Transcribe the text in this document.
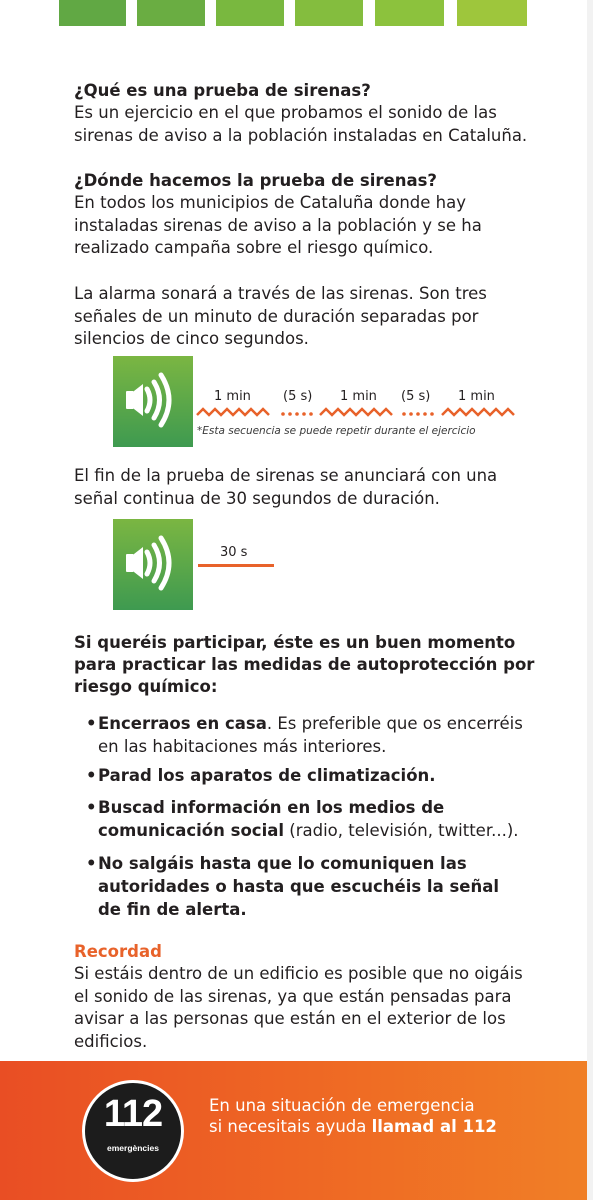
¿Qué es una prueba de sirenas?

Es un ejercicio en el que probamos el sonido de las

sirenas de aviso a la población instaladas en Cataluña.

¿Dónde hacemos la prueba de sirenas?

En todos los municipios de Cataluña donde hay

instaladas sirenas de aviso a la población y se ha

realizado campaña sobre el riesgo químico.

La alarma sonará a través de las sirenas. Son tres

señales de un minuto de duración separadas por

silencios de cinco segundos.

1 min (5 s) 1 min (5 s) 1 min
*Esta secuencia se puede repetir durante el ejercicio

El fin de la prueba de sirenas se anunciará con una

señal continua de 30 segundos de duración.

30 s

Si queréis participar, éste es un buen momento

para practicar las medidas de autoprotección por

riesgo químico:

• Encerraos en casa. Es preferible que os encerréis
en las habitaciones más interiores.
• Parad los aparatos de climatización.
• Buscad información en los medios de
comunicación social (radio, televisión, twitter...).
• No salgáis hasta que lo comuniquen las
autoridades o hasta que escuchéis la señal
de fin de alerta.

Recordad

Si estáis dentro de un edificio es posible que no oigáis

el sonido de las sirenas, ya que están pensadas para

avisar a las personas que están en el exterior de los

edificios.

112
emergències
En una situación de emergencia
si necesitais ayuda llamad al 112
